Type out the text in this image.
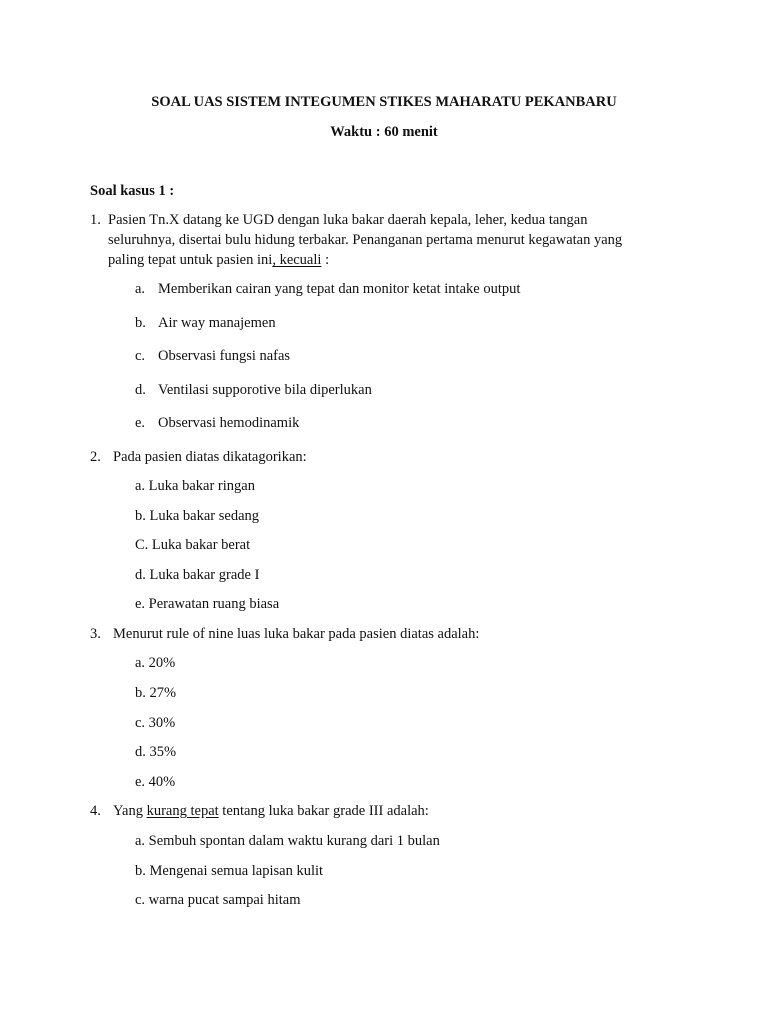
SOAL UAS SISTEM INTEGUMEN STIKES MAHARATU PEKANBARU
Waktu : 60 menit
Soal kasus 1 :
1. Pasien Tn.X datang ke UGD dengan luka bakar daerah kepala, leher, kedua tangan
seluruhnya, disertai bulu hidung terbakar. Penanganan pertama menurut kegawatan yang
paling tepat untuk pasien ini, kecuali :
a. Memberikan cairan yang tepat dan monitor ketat intake output
b. Air way manajemen
c. Observasi fungsi nafas
d. Ventilasi supporotive bila diperlukan
e. Observasi hemodinamik
2. Pada pasien diatas dikatagorikan:
a. Luka bakar ringan
b. Luka bakar sedang
C. Luka bakar berat
d. Luka bakar grade I
e. Perawatan ruang biasa
3. Menurut rule of nine luas luka bakar pada pasien diatas adalah:
a. 20%
b. 27%
c. 30%
d. 35%
e. 40%
4. Yang kurang tepat tentang luka bakar grade III adalah:
a. Sembuh spontan dalam waktu kurang dari 1 bulan
b. Mengenai semua lapisan kulit
c. warna pucat sampai hitam
